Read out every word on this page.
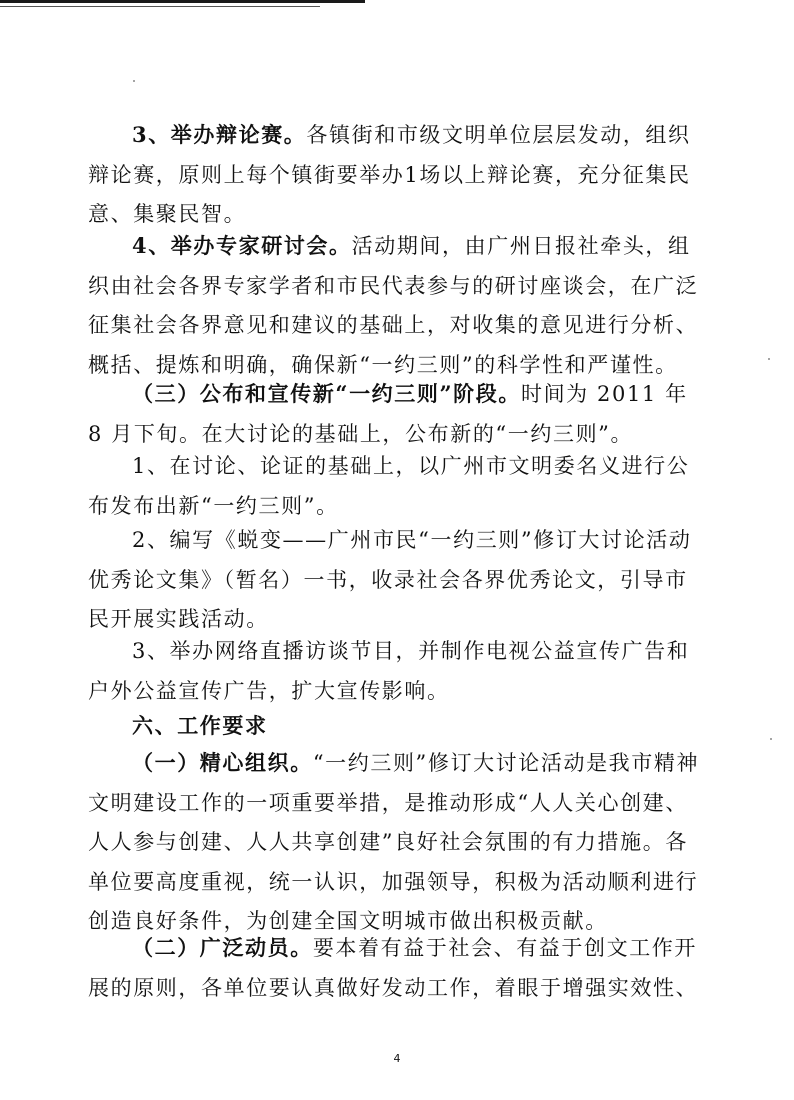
3、举办辩论赛。各镇街和市级文明单位层层发动，组织辩论赛，原则上每个镇街要举办1场以上辩论赛，充分征集民意、集聚民智。

4、举办专家研讨会。活动期间，由广州日报社牵头，组织由社会各界专家学者和市民代表参与的研讨座谈会，在广泛征集社会各界意见和建议的基础上，对收集的意见进行分析、概括、提炼和明确，确保新“一约三则”的科学性和严谨性。

（三）公布和宣传新“一约三则”阶段。时间为 2011 年 8 月下旬。在大讨论的基础上，公布新的“一约三则”。

1、在讨论、论证的基础上，以广州市文明委名义进行公布发布出新“一约三则”。

2、编写《蜕变——广州市民“一约三则”修订大讨论活动优秀论文集》（暂名）一书，收录社会各界优秀论文，引导市民开展实践活动。

3、举办网络直播访谈节目，并制作电视公益宣传广告和户外公益宣传广告，扩大宣传影响。

六、工作要求

（一）精心组织。“一约三则”修订大讨论活动是我市精神文明建设工作的一项重要举措，是推动形成“人人关心创建、人人参与创建、人人共享创建”良好社会氛围的有力措施。各单位要高度重视，统一认识，加强领导，积极为活动顺利进行创造良好条件，为创建全国文明城市做出积极贡献。

（二）广泛动员。要本着有益于社会、有益于创文工作开展的原则，各单位要认真做好发动工作，着眼于增强实效性、

4
